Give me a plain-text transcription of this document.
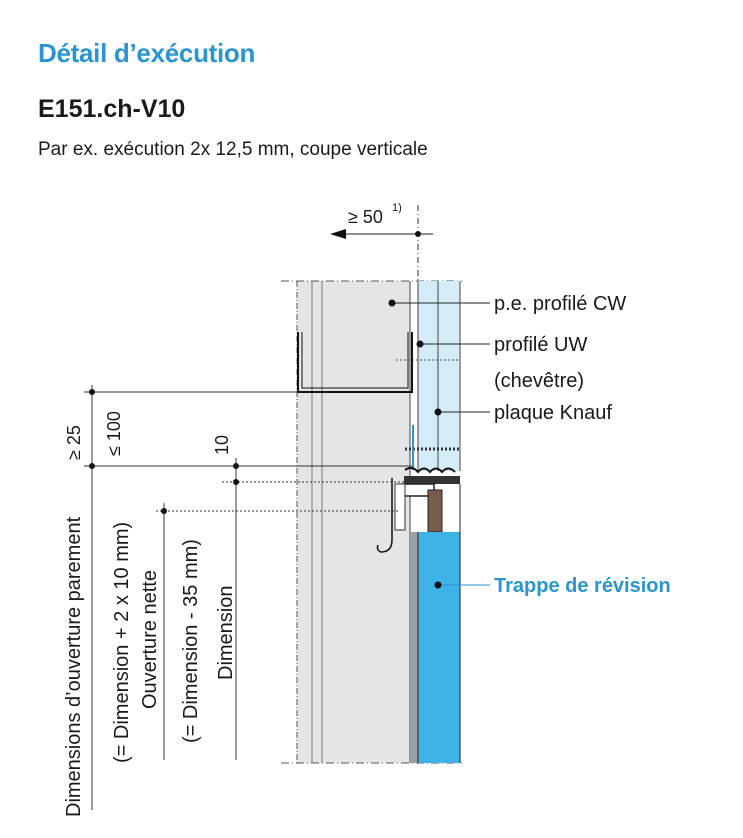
Détail d’exécution
E151.ch-V10
Par ex. exécution 2x 12,5 mm, coupe verticale
≥ 50 1)
≥ 25 ≤ 100	10
Dimensions d’ouverture parement (= Dimension + 2 x 10 mm) Ouverture nette (= Dimension - 35 mm) Dimension
p.e. profilé CW
profilé UW
(chevêtre)
plaque Knauf
Trappe de révision
